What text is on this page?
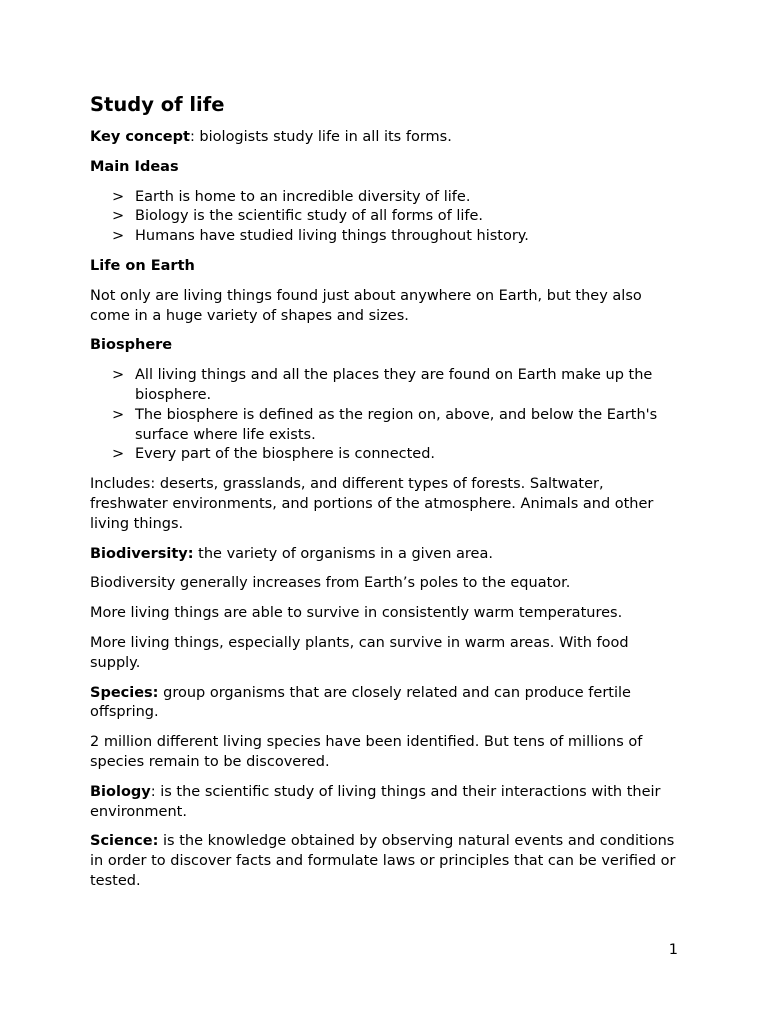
Study of life

Key concept: biologists study life in all its forms.

Main Ideas
> Earth is home to an incredible diversity of life.
> Biology is the scientific study of all forms of life.
> Humans have studied living things throughout history.
Life on Earth

Not only are living things found just about anywhere on Earth, but they also come in a huge variety of shapes and sizes.

Biosphere
> All living things and all the places they are found on Earth make up the biosphere.
> The biosphere is defined as the region on, above, and below the Earth's surface where life exists.
> Every part of the biosphere is connected.

Includes: deserts, grasslands, and different types of forests. Saltwater, freshwater environments, and portions of the atmosphere. Animals and other living things.

Biodiversity: the variety of organisms in a given area.

Biodiversity generally increases from Earth’s poles to the equator.

More living things are able to survive in consistently warm temperatures.

More living things, especially plants, can survive in warm areas. With food supply.

Species: group organisms that are closely related and can produce fertile offspring.

2 million different living species have been identified. But tens of millions of species remain to be discovered.

Biology: is the scientific study of living things and their interactions with their environment.

Science: is the knowledge obtained by observing natural events and conditions in order to discover facts and formulate laws or principles that can be verified or tested.

1
